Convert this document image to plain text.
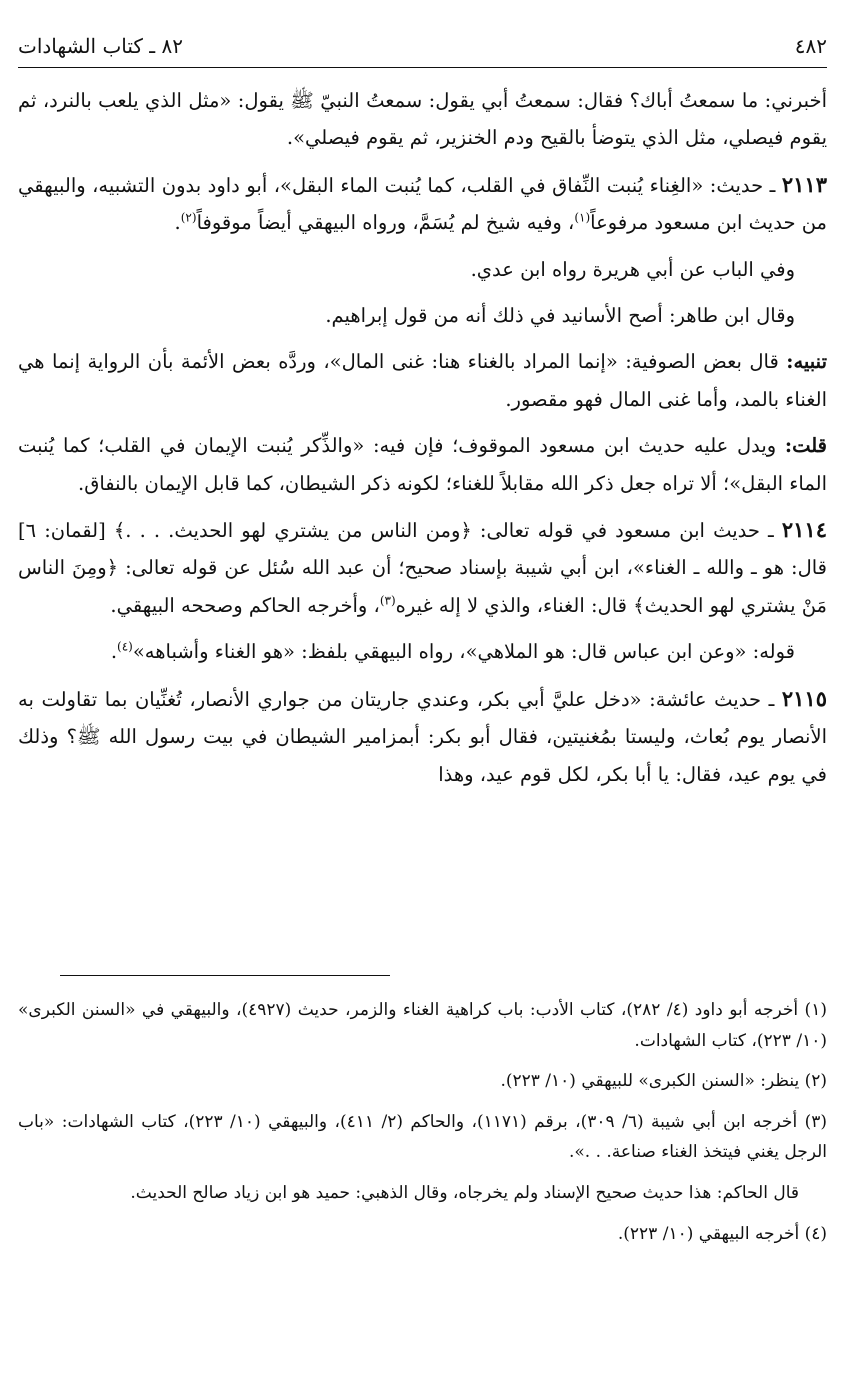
٤٨٢
٨٢ ـ كتاب الشهادات

أخبرني: ما سمعتُ أباك؟ فقال: سمعتُ أبي يقول: سمعتُ النبيّ ﷺ يقول: «مثل الذي يلعب بالنرد، ثم يقوم فيصلي، مثل الذي يتوضأ بالقيح ودم الخنزير، ثم يقوم فيصلي».

٢١١٣ ـ حديث: «الغِناء يُنبت النِّفاق في القلب، كما يُنبت الماء البقل»، أبو داود بدون التشبيه، والبيهقي من حديث ابن مسعود مرفوعاً$^{(١)}$، وفيه شيخ لم يُسَمَّ، ورواه البيهقي أيضاً موقوفاً$^{(٢)}$.

وفي الباب عن أبي هريرة رواه ابن عدي.

وقال ابن طاهر: أصح الأسانيد في ذلك أنه من قول إبراهيم.

تنبيه: قال بعض الصوفية: «إنما المراد بالغناء هنا: غنى المال»، وردَّه بعض الأئمة بأن الرواية إنما هي الغناء بالمد، وأما غنى المال فهو مقصور.

قلت: ويدل عليه حديث ابن مسعود الموقوف؛ فإن فيه: «والذِّكر يُنبت الإيمان في القلب؛ كما يُنبت الماء البقل»؛ ألا تراه جعل ذكر الله مقابلاً للغناء؛ لكونه ذكر الشيطان، كما قابل الإيمان بالنفاق.

٢١١٤ ـ حديث ابن مسعود في قوله تعالى: ﴿ومن الناس من يشتري لهو الحديث. . . .﴾ [لقمان: ٦] قال: هو ـ والله ـ الغناء»، ابن أبي شيبة بإسناد صحيح؛ أن عبد الله سُئل عن قوله تعالى: ﴿ومِنَ الناس مَنْ يشتري لهو الحديث﴾ قال: الغناء، والذي لا إله غيره$^{(٣)}$، وأخرجه الحاكم وصححه البيهقي.

قوله: «وعن ابن عباس قال: هو الملاهي»، رواه البيهقي بلفظ: «هو الغناء وأشباهه»$^{(٤)}$.

٢١١٥ ـ حديث عائشة: «دخل عليَّ أبي بكر، وعندي جاريتان من جواري الأنصار، تُغنِّيان بما تقاولت به الأنصار يوم بُعاث، وليستا بمُغنيتين، فقال أبو بكر: أبمزامير الشيطان في بيت رسول الله ﷺ؟ وذلك في يوم عيد، فقال: يا أبا بكر، لكل قوم عيد، وهذا

(١) أخرجه أبو داود (٤/ ٢٨٢)، كتاب الأدب: باب كراهية الغناء والزمر، حديث (٤٩٢٧)، والبيهقي في «السنن الكبرى» (١٠/ ٢٢٣)، كتاب الشهادات.

(٢) ينظر: «السنن الكبرى» للبيهقي (١٠/ ٢٢٣).

(٣) أخرجه ابن أبي شيبة (٦/ ٣٠٩)، برقم (١١٧١)، والحاكم (٢/ ٤١١)، والبيهقي (١٠/ ٢٢٣)، كتاب الشهادات: «باب الرجل يغني فيتخذ الغناء صناعة. . .».

قال الحاكم: هذا حديث صحيح الإسناد ولم يخرجاه، وقال الذهبي: حميد هو ابن زياد صالح الحديث.

(٤) أخرجه البيهقي (١٠/ ٢٢٣).
